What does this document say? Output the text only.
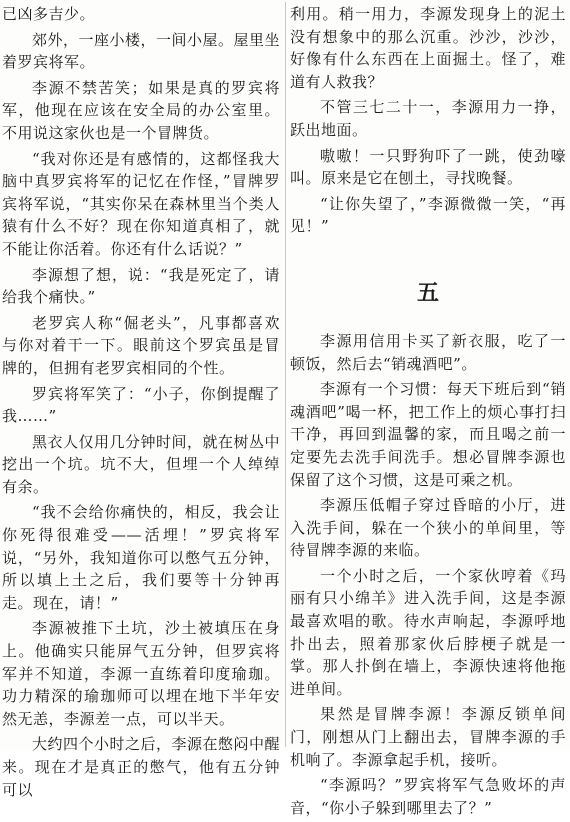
已凶多吉少。

郊外，一座小楼，一间小屋。屋里坐着罗宾将军。

李源不禁苦笑；如果是真的罗宾将军，他现在应该在安全局的办公室里。不用说这家伙也是一个冒牌货。

“我对你还是有感情的，这都怪我大脑中真罗宾将军的记忆在作怪，”冒牌罗宾将军说，“其实你呆在森林里当个类人猿有什么不好？现在你知道真相了，就不能让你活着。你还有什么话说？”

李源想了想，说：“我是死定了，请给我个痛快。”

老罗宾人称“倔老头”，凡事都喜欢与你对着干一下。眼前这个罗宾虽是冒牌的，但拥有老罗宾相同的个性。

罗宾将军笑了：“小子，你倒提醒了我……”

黑衣人仅用几分钟时间，就在树丛中挖出一个坑。坑不大，但埋一个人绰绰有余。

“我不会给你痛快的，相反，我会让你死得很难受——活埋！”罗宾将军说，“另外，我知道你可以憋气五分钟，所以填上土之后，我们要等十分钟再走。现在，请！”

李源被推下土坑，沙土被填压在身上。他确实只能屏气五分钟，但罗宾将军并不知道，李源一直练着印度瑜珈。功力精深的瑜珈师可以埋在地下半年安然无恙，李源差一点，可以半天。

大约四个小时之后，李源在憋闷中醒来。现在才是真正的憋气，他有五分钟可以

利用。稍一用力，李源发现身上的泥土没有想象中的那么沉重。沙沙，沙沙，好像有什么东西在上面掘土。怪了，难道有人救我？

不管三七二十一，李源用力一挣，跃出地面。

嗷嗷！一只野狗吓了一跳，使劲嚎叫。原来是它在刨土，寻找晚餐。

“让你失望了，”李源微微一笑，“再见！”

五

李源用信用卡买了新衣服，吃了一顿饭，然后去“销魂酒吧”。

李源有一个习惯：每天下班后到“销魂酒吧”喝一杯，把工作上的烦心事打扫干净，再回到温馨的家，而且喝之前一定要先去洗手间洗手。想必冒牌李源也保留了这个习惯，这是可乘之机。

李源压低帽子穿过昏暗的小厅，进入洗手间，躲在一个狭小的单间里，等待冒牌李源的来临。

一个小时之后，一个家伙哼着《玛丽有只小绵羊》进入洗手间，这是李源最喜欢唱的歌。待水声响起，李源呼地扑出去，照着那家伙后脖梗子就是一掌。那人扑倒在墙上，李源快速将他拖进单间。

果然是冒牌李源！李源反锁单间门，刚想从门上翻出去，冒牌李源的手机响了。李源拿起手机，接听。

“李源吗？”罗宾将军气急败坏的声音，“你小子躲到哪里去了？”
